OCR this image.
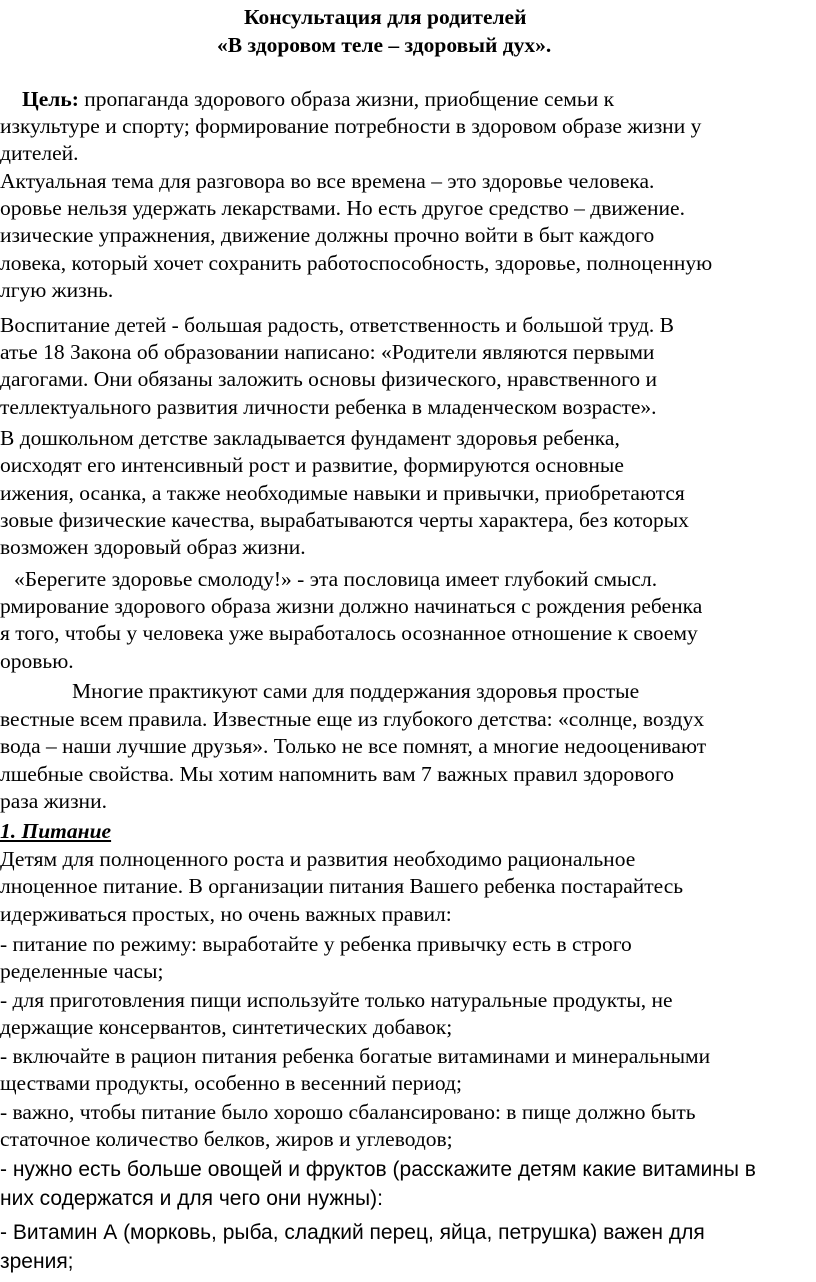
Консультация для родителей
«В здоровом теле – здоровый дух».
Цель: пропаганда здорового образа жизни, приобщение семьи к
изкультуре и спорту; формирование потребности в здоровом образе жизни у
дителей.
Актуальная тема для разговора во все времена – это здоровье человека.
оровье нельзя удержать лекарствами. Но есть другое средство – движение.
изические упражнения, движение должны прочно войти в быт каждого
ловека, который хочет сохранить работоспособность, здоровье, полноценную
лгую жизнь.
Воспитание детей - большая радость, ответственность и большой труд. В
атье 18 Закона об образовании написано: «Родители являются первыми
дагогами. Они обязаны заложить основы физического, нравственного и
теллектуального развития личности ребенка в младенческом возрасте».
В дошкольном детстве закладывается фундамент здоровья ребенка,
оисходят его интенсивный рост и развитие, формируются основные
ижения, осанка, а также необходимые навыки и привычки, приобретаются
зовые физические качества, вырабатываются черты характера, без которых
возможен здоровый образ жизни.
«Берегите здоровье смолоду!» - эта пословица имеет глубокий смысл.
рмирование здорового образа жизни должно начинаться с рождения ребенка
я того, чтобы у человека уже выработалось осознанное отношение к своему
оровью.
Многие практикуют сами для поддержания здоровья простые
вестные всем правила. Известные еще из глубокого детства: «солнце, воздух
вода – наши лучшие друзья». Только не все помнят, а многие недооценивают
лшебные свойства. Мы хотим напомнить вам 7 важных правил здорового
раза жизни.
1. Питание
Детям для полноценного роста и развития необходимо рациональное
лноценное питание. В организации питания Вашего ребенка постарайтесь
идерживаться простых, но очень важных правил:
- питание по режиму: выработайте у ребенка привычку есть в строго
ределенные часы;
- для приготовления пищи используйте только натуральные продукты, не
держащие консервантов, синтетических добавок;
- включайте в рацион питания ребенка богатые витаминами и минеральными
ществами продукты, особенно в весенний период;
- важно, чтобы питание было хорошо сбалансировано: в пище должно быть
статочное количество белков, жиров и углеводов;
- нужно есть больше овощей и фруктов (расскажите детям какие витамины в
них содержатся и для чего они нужны):
- Витамин А (морковь, рыба, сладкий перец, яйца, петрушка) важен для
зрения;
